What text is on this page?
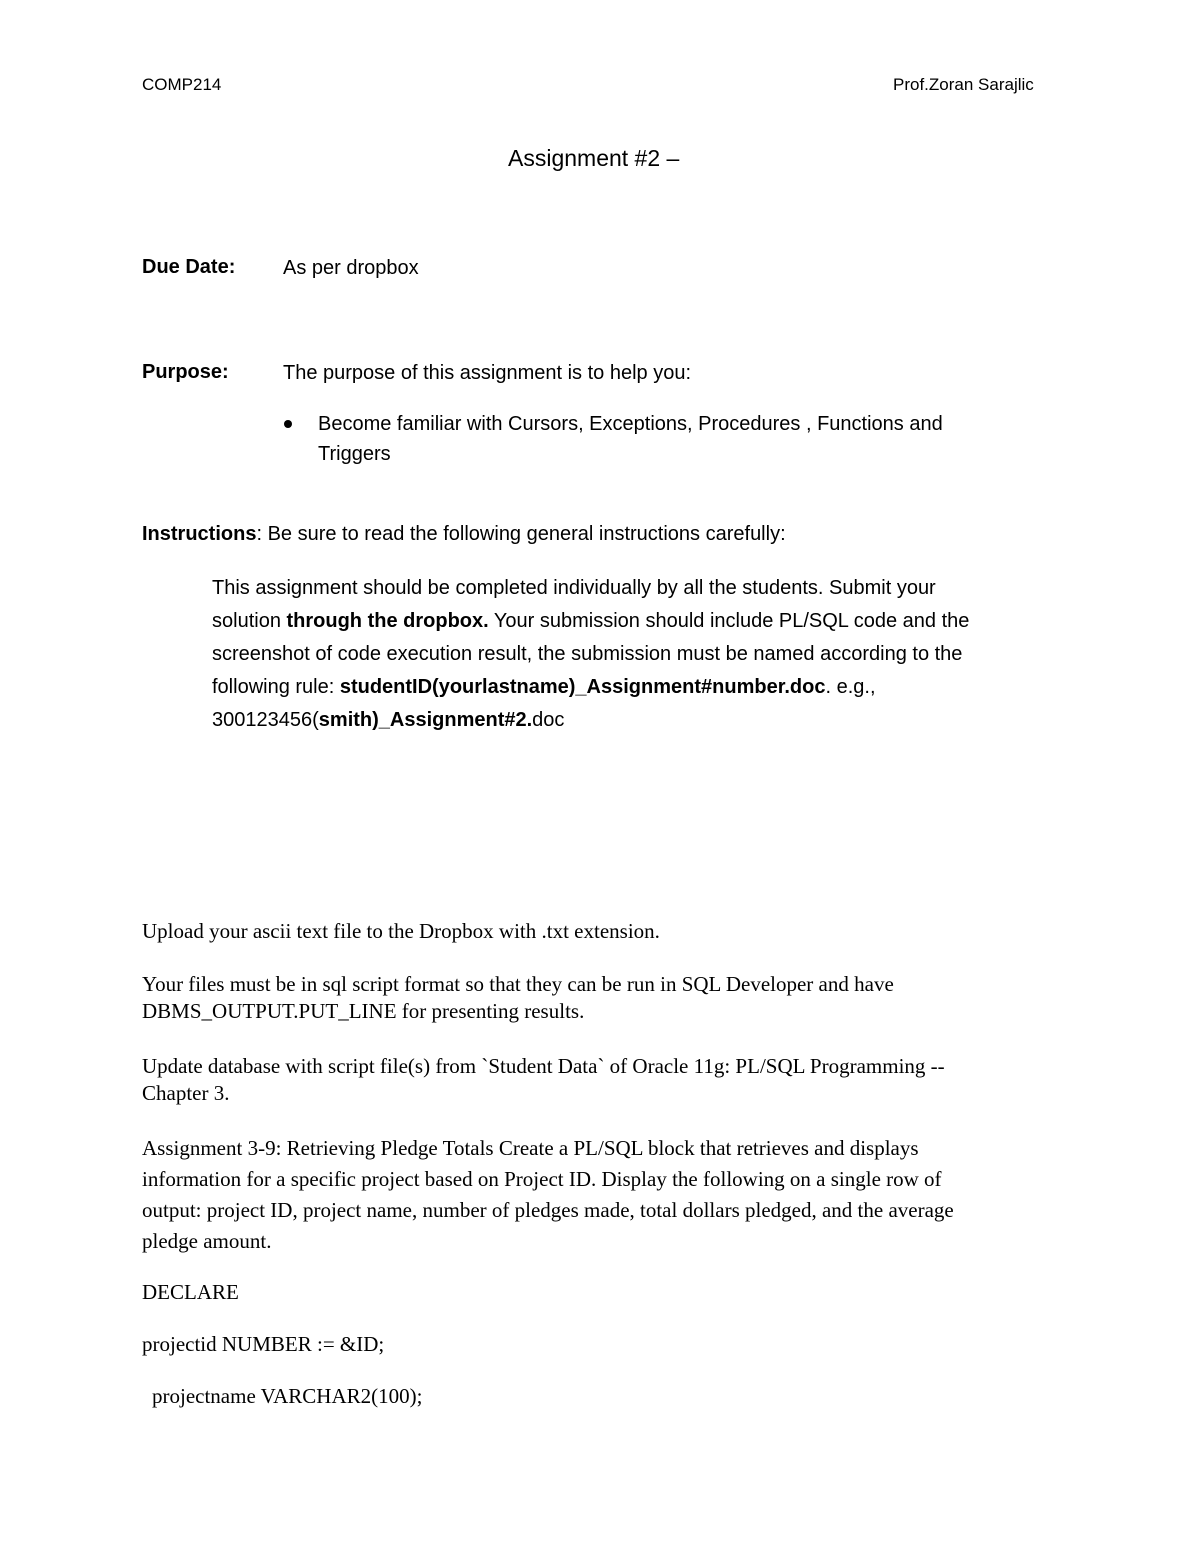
COMP214	Prof.Zoran Sarajlic
Assignment #2 –
Due Date: As per dropbox
Purpose:	The purpose of this assignment is to help you:
Become familiar with Cursors, Exceptions, Procedures , Functions and
Triggers
Instructions: Be sure to read the following general instructions carefully:
This assignment should be completed individually by all the students. Submit your
solution through the dropbox. Your submission should include PL/SQL code and the
screenshot of code execution result, the submission must be named according to the
following rule: studentID(yourlastname)_Assignment#number.doc. e.g.,
300123456(smith)_Assignment#2.doc
Upload your ascii text file to the Dropbox with .txt extension.
Your files must be in sql script format so that they can be run in SQL Developer and have
DBMS_OUTPUT.PUT_LINE for presenting results.
Update database with script file(s) from `Student Data` of Oracle 11g: PL/SQL Programming --
Chapter 3.
Assignment 3-9: Retrieving Pledge Totals Create a PL/SQL block that retrieves and displays
information for a specific project based on Project ID. Display the following on a single row of
output: project ID, project name, number of pledges made, total dollars pledged, and the average
pledge amount.
DECLARE
projectid NUMBER := &ID;
projectname VARCHAR2(100);
